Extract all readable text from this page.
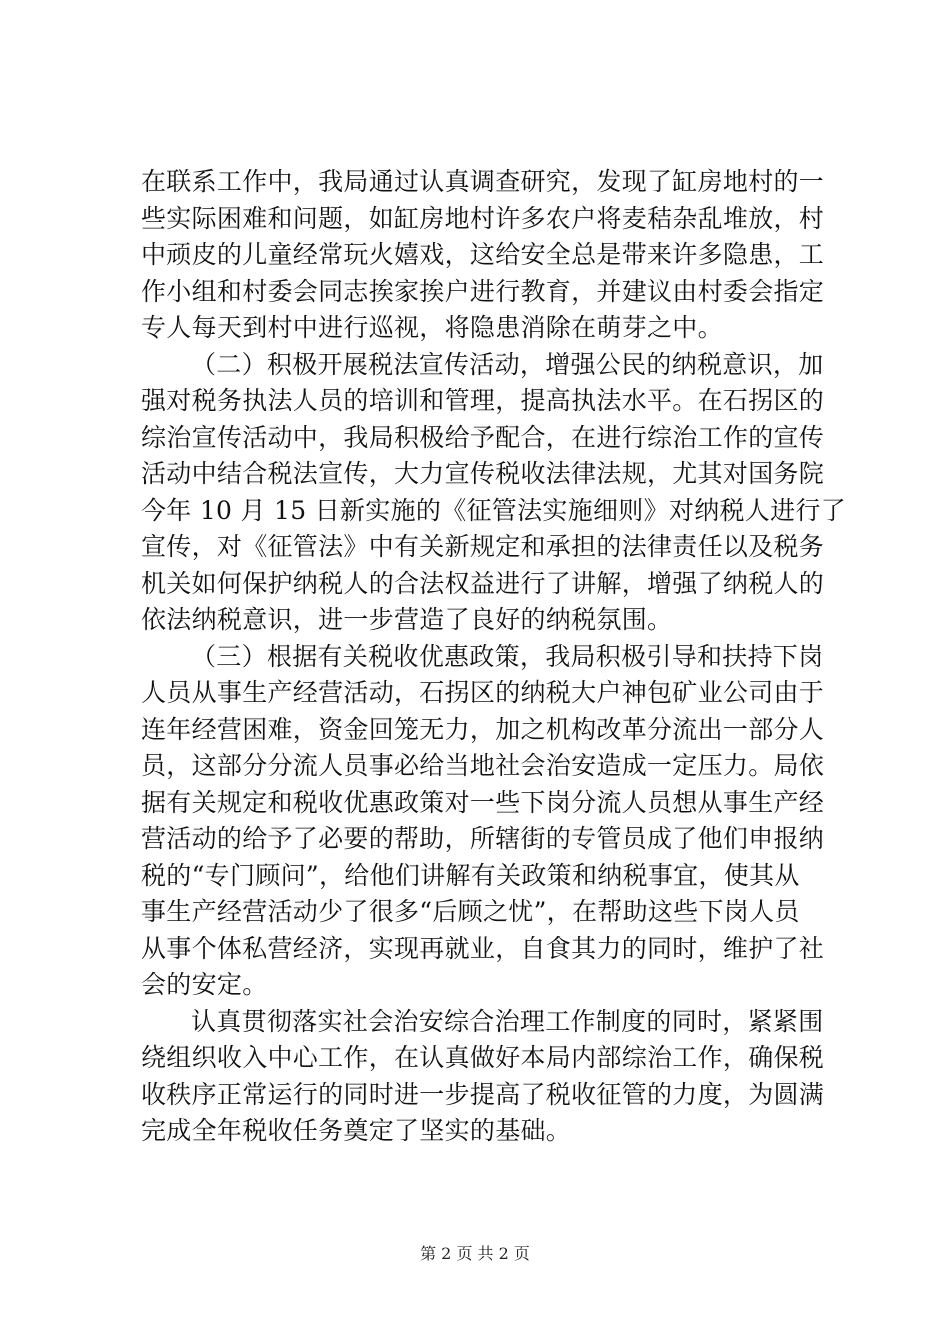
在联系工作中，我局通过认真调查研究，发现了缸房地村的一
些实际困难和问题，如缸房地村许多农户将麦秸杂乱堆放，村
中顽皮的儿童经常玩火嬉戏，这给安全总是带来许多隐患，工
作小组和村委会同志挨家挨户进行教育，并建议由村委会指定
专人每天到村中进行巡视，将隐患消除在萌芽之中。
（二）积极开展税法宣传活动，增强公民的纳税意识，加
强对税务执法人员的培训和管理，提高执法水平。在石拐区的
综治宣传活动中，我局积极给予配合，在进行综治工作的宣传
活动中结合税法宣传，大力宣传税收法律法规，尤其对国务院
今年 10 月 15 日新实施的《征管法实施细则》对纳税人进行了
宣传，对《征管法》中有关新规定和承担的法律责任以及税务
机关如何保护纳税人的合法权益进行了讲解，增强了纳税人的
依法纳税意识，进一步营造了良好的纳税氛围。
（三）根据有关税收优惠政策，我局积极引导和扶持下岗
人员从事生产经营活动，石拐区的纳税大户神包矿业公司由于
连年经营困难，资金回笼无力，加之机构改革分流出一部分人
员，这部分分流人员事必给当地社会治安造成一定压力。局依
据有关规定和税收优惠政策对一些下岗分流人员想从事生产经
营活动的给予了必要的帮助，所辖街的专管员成了他们申报纳
税的“专门顾问”，给他们讲解有关政策和纳税事宜，使其从
事生产经营活动少了很多“后顾之忧”，在帮助这些下岗人员
从事个体私营经济，实现再就业，自食其力的同时，维护了社
会的安定。
认真贯彻落实社会治安综合治理工作制度的同时，紧紧围
绕组织收入中心工作，在认真做好本局内部综治工作，确保税
收秩序正常运行的同时进一步提高了税收征管的力度，为圆满
完成全年税收任务奠定了坚实的基础。
第 2 页 共 2 页
